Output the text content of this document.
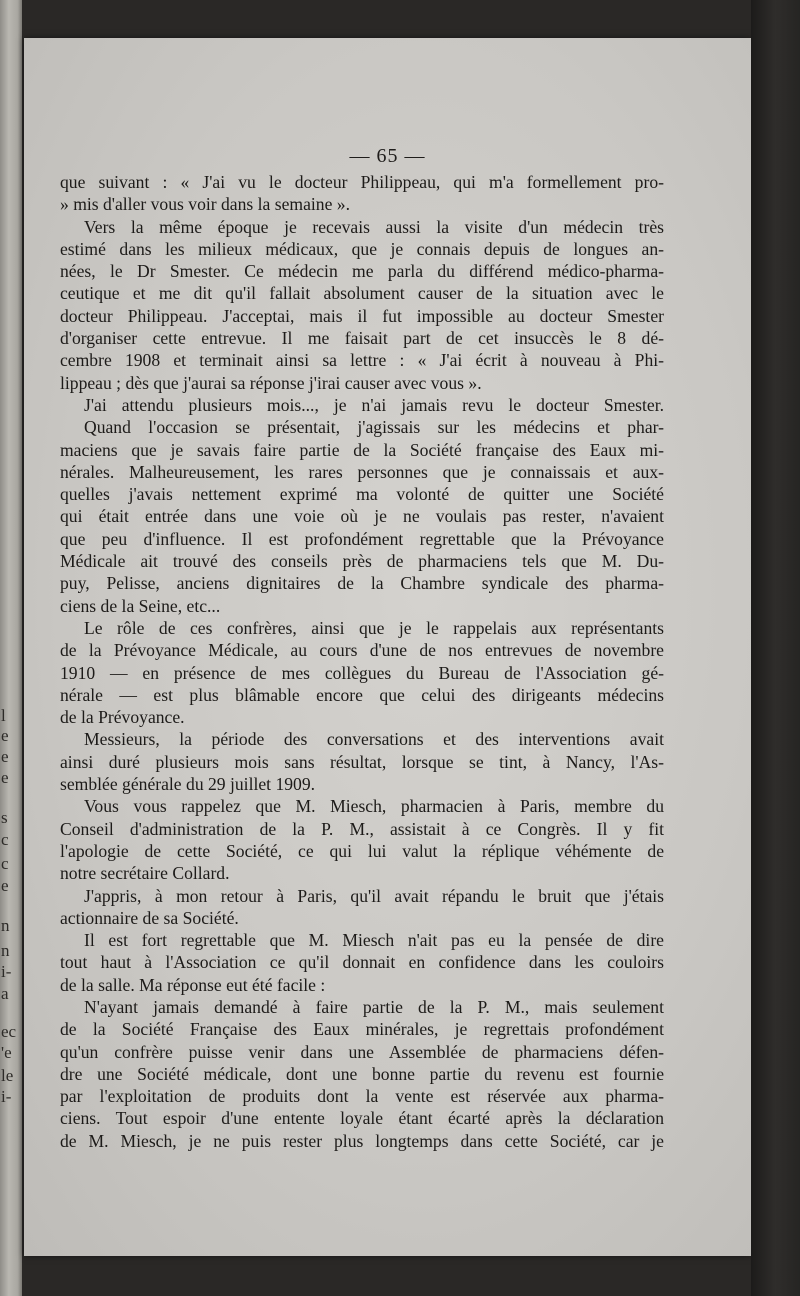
l
e
e
e
s
c
c
e
n
n
i-
a
ec
'e
le
i-
— 65 —
que suivant : « J'ai vu le docteur Philippeau, qui m'a formellement pro-
» mis d'aller vous voir dans la semaine ».
Vers la même époque je recevais aussi la visite d'un médecin très
estimé dans les milieux médicaux, que je connais depuis de longues an-
nées, le Dr Smester. Ce médecin me parla du différend médico-pharma-
ceutique et me dit qu'il fallait absolument causer de la situation avec le
docteur Philippeau. J'acceptai, mais il fut impossible au docteur Smester
d'organiser cette entrevue. Il me faisait part de cet insuccès le 8 dé-
cembre 1908 et terminait ainsi sa lettre : « J'ai écrit à nouveau à Phi-
lippeau ; dès que j'aurai sa réponse j'irai causer avec vous ».
J'ai attendu plusieurs mois..., je n'ai jamais revu le docteur Smester.
Quand l'occasion se présentait, j'agissais sur les médecins et phar-
maciens que je savais faire partie de la Société française des Eaux mi-
nérales. Malheureusement, les rares personnes que je connaissais et aux-
quelles j'avais nettement exprimé ma volonté de quitter une Société
qui était entrée dans une voie où je ne voulais pas rester, n'avaient
que peu d'influence. Il est profondément regrettable que la Prévoyance
Médicale ait trouvé des conseils près de pharmaciens tels que M. Du-
puy, Pelisse, anciens dignitaires de la Chambre syndicale des pharma-
ciens de la Seine, etc...
Le rôle de ces confrères, ainsi que je le rappelais aux représentants
de la Prévoyance Médicale, au cours d'une de nos entrevues de novembre
1910 — en présence de mes collègues du Bureau de l'Association gé-
nérale — est plus blâmable encore que celui des dirigeants médecins
de la Prévoyance.
Messieurs, la période des conversations et des interventions avait
ainsi duré plusieurs mois sans résultat, lorsque se tint, à Nancy, l'As-
semblée générale du 29 juillet 1909.
Vous vous rappelez que M. Miesch, pharmacien à Paris, membre du
Conseil d'administration de la P. M., assistait à ce Congrès. Il y fit
l'apologie de cette Société, ce qui lui valut la réplique véhémente de
notre secrétaire Collard.
J'appris, à mon retour à Paris, qu'il avait répandu le bruit que j'étais
actionnaire de sa Société.
Il est fort regrettable que M. Miesch n'ait pas eu la pensée de dire
tout haut à l'Association ce qu'il donnait en confidence dans les couloirs
de la salle. Ma réponse eut été facile :
N'ayant jamais demandé à faire partie de la P. M., mais seulement
de la Société Française des Eaux minérales, je regrettais profondément
qu'un confrère puisse venir dans une Assemblée de pharmaciens défen-
dre une Société médicale, dont une bonne partie du revenu est fournie
par l'exploitation de produits dont la vente est réservée aux pharma-
ciens. Tout espoir d'une entente loyale étant écarté après la déclaration
de M. Miesch, je ne puis rester plus longtemps dans cette Société, car je
